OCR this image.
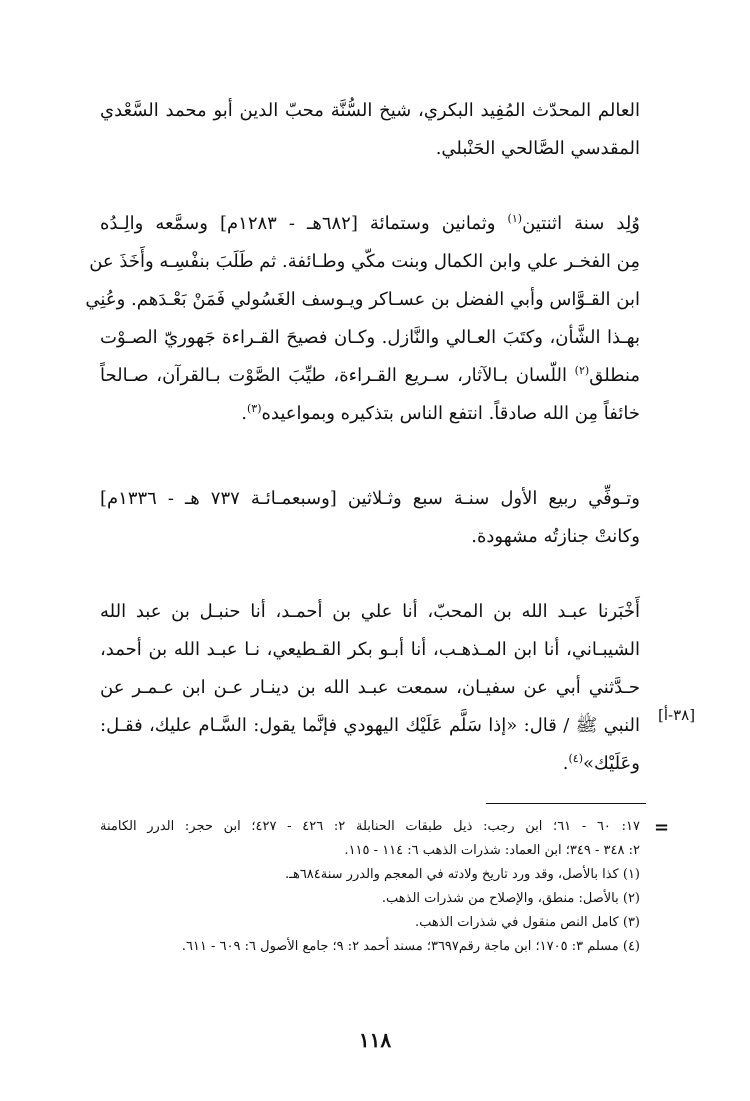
العالم المحدّث المُفِيد البكري، شيخ السُّنَّة محبّ الدين أبو محمد السَّعْدي
المقدسي الصَّالحي الحَنْبلي.
وُلِد سنة اثنتين$^{(١)}$ وثمانين وستمائة [٦٨٢هـ - ١٢٨٣م] وسمَّعه والِـدُه
مِن الفخـر علي وابن الكمال وبنت مكّي وطـائفة. ثم طَلَبَ بنفْسِـه وأَخَذَ عن
ابن القـوَّاس وأبي الفضل بن عسـاكر ويـوسف الغَسُولي فَمَنْ بَعْـدَهم. وعُنِي
بهـذا الشَّأن، وكتَبَ العـالي والنَّازل. وكـان فصيحَ القـراءة جَهوريّ الصـوْت
منطلق$^{(٢)}$ اللّسان بـالآثار، سـريع القـراءة، طيِّبَ الصَّوْت بـالقرآن، صـالحاً
خائفاً مِن الله صادقاً. انتفع الناس بتذكيره وبمواعيده$^{(٣)}$.
وتـوفِّي ربيع الأول سنـة سبع وثـلاثين [وسبعمـائـة ٧٣٧ هـ - ١٣٣٦م]
وكانتْ جنازتُه مشهودة.
أَخْبَرنا عبـد الله بن المحبّ، أنا علي بن أحمـد، أنا حنبـل بن عبد الله
الشيبـاني، أنا ابن المـذهـب، أنا أبـو بكر القـطيعي، نـا عبـد الله بن أحمد،
حـدَّثني أبي عن سفيـان، سمعت عبـد الله بن دينـار عـن ابن عـمـر عن
النبي ﷺ / قال: «إذا سَلَّم عَلَيْك اليهودي فإنَّما يقول: السَّـام عليك، فقـل:
وعَلَيْك»$^{(٤)}$.
[٣٨-أ]
=
١٧: ٦٠ - ٦١؛ ابن رجب: ذيل طبقات الحنابلة ٢: ٤٢٦ - ٤٢٧؛ ابن حجر: الدرر الكامنة
٢: ٣٤٨ - ٣٤٩؛ ابن العماد: شذرات الذهب ٦: ١١٤ - ١١٥.
(١) كذا بالأصل، وقد ورد تاريخ ولادته في المعجم والدرر سنة٦٨٤هـ.
(٢) بالأصل: منطق، والإصلاح من شذرات الذهب.
(٣) كامل النص منقول في شذرات الذهب.
(٤) مسلم ٣: ١٧٠٥؛ ابن ماجة رقم٣٦٩٧؛ مسند أحمد ٢: ٩؛ جامع الأصول ٦: ٦٠٩ - ٦١١.
١١٨
